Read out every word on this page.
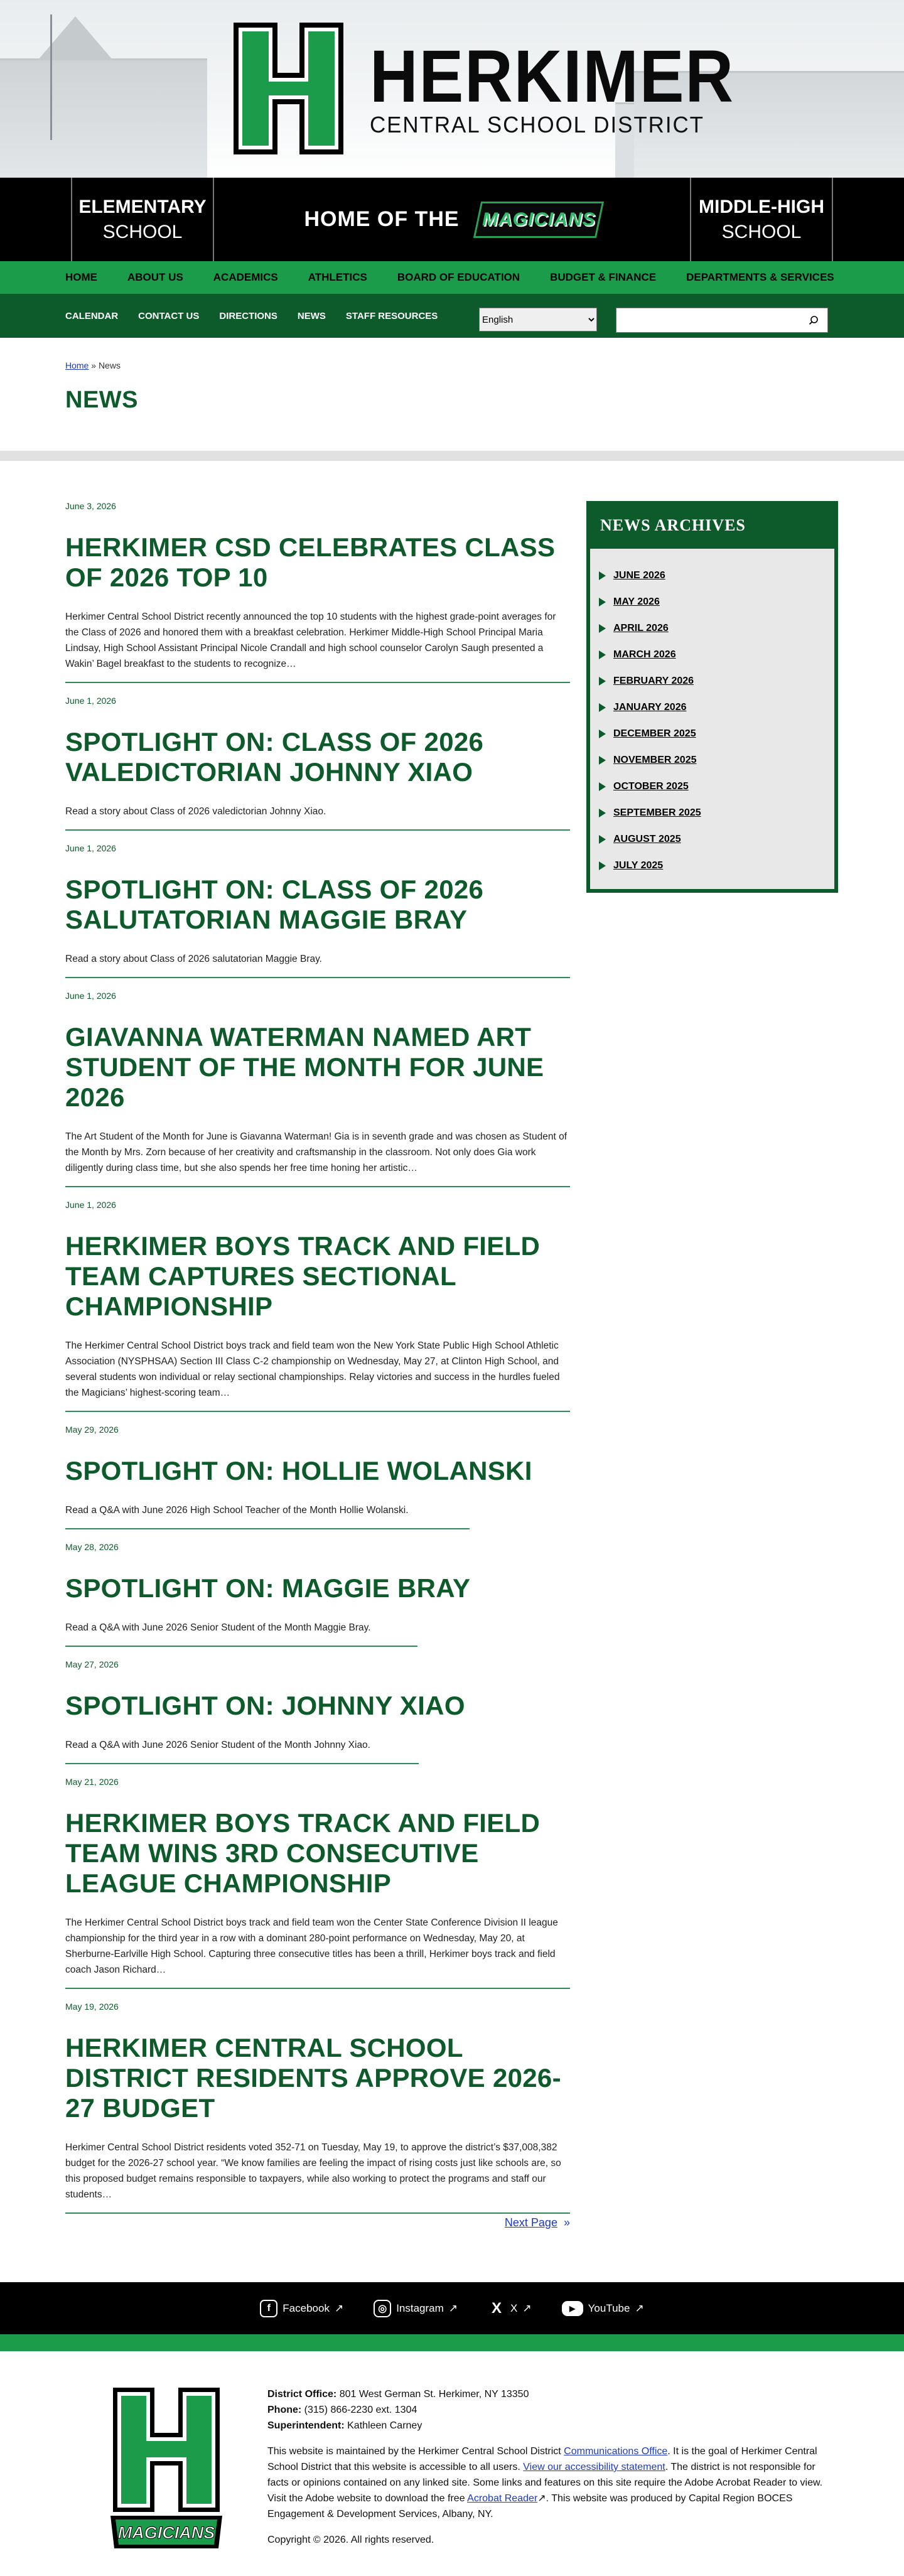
HERKIMER
CENTRAL SCHOOL DISTRICT
ELEMENTARY
SCHOOL
HOME OF THE MAGICIANS
MIDDLE-HIGH
SCHOOL
HOME	ABOUT US	ACADEMICS	ATHLETICS	BOARD OF EDUCATION	BUDGET & FINANCE	DEPARTMENTS & SERVICES
CALENDAR CONTACT US DIRECTIONS NEWS STAFF RESOURCES
English
Home » News
NEWS
June 3, 2026
HERKIMER CSD CELEBRATES CLASS OF 2026 TOP 10

Herkimer Central School District recently announced the top 10 students with the highest grade-point averages for the Class of 2026 and honored them with a breakfast celebration. Herkimer Middle-High School Principal Maria Lindsay, High School Assistant Principal Nicole Crandall and high school counselor Carolyn Saugh presented a Wakin’ Bagel breakfast to the students to recognize…

June 1, 2026
SPOTLIGHT ON: CLASS OF 2026 VALEDICTORIAN JOHNNY XIAO

Read a story about Class of 2026 valedictorian Johnny Xiao.

June 1, 2026
SPOTLIGHT ON: CLASS OF 2026 SALUTATORIAN MAGGIE BRAY

Read a story about Class of 2026 salutatorian Maggie Bray.

June 1, 2026
GIAVANNA WATERMAN NAMED ART STUDENT OF THE MONTH FOR JUNE 2026

The Art Student of the Month for June is Giavanna Waterman! Gia is in seventh grade and was chosen as Student of the Month by Mrs. Zorn because of her creativity and craftsmanship in the classroom. Not only does Gia work diligently during class time, but she also spends her free time honing her artistic…

June 1, 2026
HERKIMER BOYS TRACK AND FIELD TEAM CAPTURES SECTIONAL CHAMPIONSHIP

The Herkimer Central School District boys track and field team won the New York State Public High School Athletic Association (NYSPHSAA) Section III Class C-2 championship on Wednesday, May 27, at Clinton High School, and several students won individual or relay sectional championships. Relay victories and success in the hurdles fueled the Magicians’ highest-scoring team…

May 29, 2026
SPOTLIGHT ON: HOLLIE WOLANSKI

Read a Q&A with June 2026 High School Teacher of the Month Hollie Wolanski.

May 28, 2026
SPOTLIGHT ON: MAGGIE BRAY

Read a Q&A with June 2026 Senior Student of the Month Maggie Bray.

May 27, 2026
SPOTLIGHT ON: JOHNNY XIAO

Read a Q&A with June 2026 Senior Student of the Month Johnny Xiao.

May 21, 2026
HERKIMER BOYS TRACK AND FIELD TEAM WINS 3RD CONSECUTIVE LEAGUE CHAMPIONSHIP

The Herkimer Central School District boys track and field team won the Center State Conference Division II league championship for the third year in a row with a dominant 280-point performance on Wednesday, May 20, at Sherburne-Earlville High School. Capturing three consecutive titles has been a thrill, Herkimer boys track and field coach Jason Richard…

May 19, 2026
HERKIMER CENTRAL SCHOOL DISTRICT RESIDENTS APPROVE 2026-27 BUDGET

Herkimer Central School District residents voted 352-71 on Tuesday, May 19, to approve the district’s $37,008,382 budget for the 2026-27 school year. “We know families are feeling the impact of rising costs just like schools are, so this proposed budget remains responsible to taxpayers, while also working to protect the programs and staff our students…

Next Page »
NEWS ARCHIVES
JUNE 2026
MAY 2026
APRIL 2026
MARCH 2026
FEBRUARY 2026
JANUARY 2026
DECEMBER 2025
NOVEMBER 2025
OCTOBER 2025
SEPTEMBER 2025
AUGUST 2025
JULY 2025
f	Facebook ↗	◎ Instagram ↗ X X ↗	▶	YouTube ↗
MAGICIANS
District Office: 801 West German St. Herkimer, NY 13350
Phone: (315) 866-2230 ext. 1304
Superintendent: Kathleen Carney

This website is maintained by the Herkimer Central School District Communications Office. It is the goal of Herkimer Central School District that this website is accessible to all users. View our accessibility statement. The district is not responsible for facts or opinions contained on any linked site. Some links and features on this site require the Adobe Acrobat Reader to view. Visit the Adobe website to download the free Acrobat Reader↗. This website was produced by Capital Region BOCES Engagement & Development Services, Albany, NY.

Copyright © 2026. All rights reserved.
